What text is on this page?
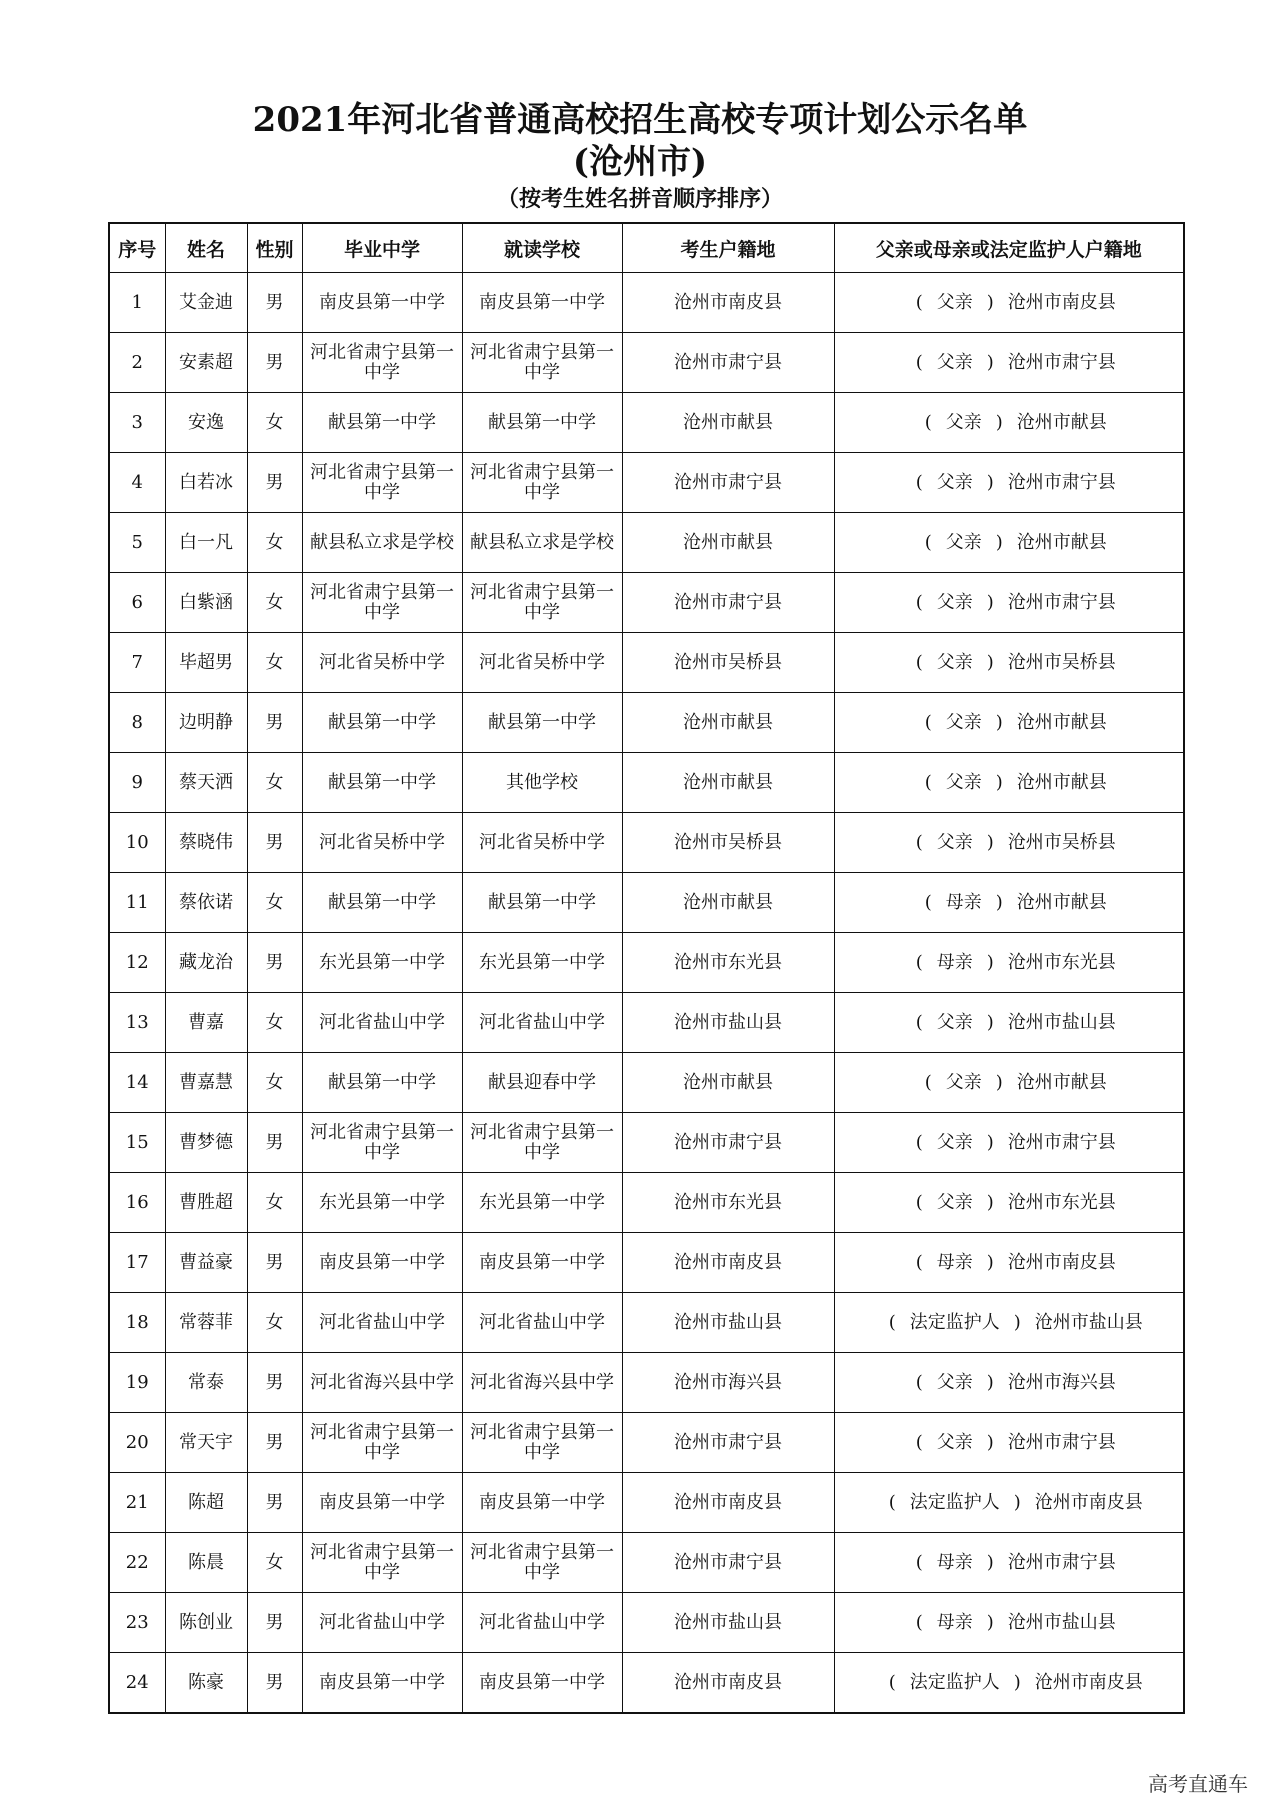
2021年河北省普通高校招生高校专项计划公示名单
(沧州市)
（按考生姓名拼音顺序排序）
序号	姓名	性别	毕业中学	就读学校	考生户籍地	父亲或母亲或法定监护人户籍地
1	艾金迪	男	南皮县第一中学	南皮县第一中学	沧州市南皮县	( 父亲 ) 沧州市南皮县
2	安素超	男	河北省肃宁县第一中学	河北省肃宁县第一中学	沧州市肃宁县	( 父亲 ) 沧州市肃宁县
3	安逸	女	献县第一中学	献县第一中学	沧州市献县	( 父亲 ) 沧州市献县
4	白若冰	男	河北省肃宁县第一中学	河北省肃宁县第一中学	沧州市肃宁县	( 父亲 ) 沧州市肃宁县
5	白一凡	女	献县私立求是学校	献县私立求是学校	沧州市献县	( 父亲 ) 沧州市献县
6	白紫涵	女	河北省肃宁县第一中学	河北省肃宁县第一中学	沧州市肃宁县	( 父亲 ) 沧州市肃宁县
7	毕超男	女	河北省吴桥中学	河北省吴桥中学	沧州市吴桥县	( 父亲 ) 沧州市吴桥县
8	边明静	男	献县第一中学	献县第一中学	沧州市献县	( 父亲 ) 沧州市献县
9	蔡天洒	女	献县第一中学	其他学校	沧州市献县	( 父亲 ) 沧州市献县
10	蔡晓伟	男	河北省吴桥中学	河北省吴桥中学	沧州市吴桥县	( 父亲 ) 沧州市吴桥县
11	蔡依诺	女	献县第一中学	献县第一中学	沧州市献县	( 母亲 ) 沧州市献县
12	藏龙治	男	东光县第一中学	东光县第一中学	沧州市东光县	( 母亲 ) 沧州市东光县
13	曹嘉	女	河北省盐山中学	河北省盐山中学	沧州市盐山县	( 父亲 ) 沧州市盐山县
14	曹嘉慧	女	献县第一中学	献县迎春中学	沧州市献县	( 父亲 ) 沧州市献县
15	曹梦德	男	河北省肃宁县第一中学	河北省肃宁县第一中学	沧州市肃宁县	( 父亲 ) 沧州市肃宁县
16	曹胜超	女	东光县第一中学	东光县第一中学	沧州市东光县	( 父亲 ) 沧州市东光县
17	曹益豪	男	南皮县第一中学	南皮县第一中学	沧州市南皮县	( 母亲 ) 沧州市南皮县
18	常蓉菲	女	河北省盐山中学	河北省盐山中学	沧州市盐山县	( 法定监护人 ) 沧州市盐山县
19	常泰	男	河北省海兴县中学	河北省海兴县中学	沧州市海兴县	( 父亲 ) 沧州市海兴县
20	常天宇	男	河北省肃宁县第一中学	河北省肃宁县第一中学	沧州市肃宁县	( 父亲 ) 沧州市肃宁县
21	陈超	男	南皮县第一中学	南皮县第一中学	沧州市南皮县	( 法定监护人 ) 沧州市南皮县
22	陈晨	女	河北省肃宁县第一中学	河北省肃宁县第一中学	沧州市肃宁县	( 母亲 ) 沧州市肃宁县
23	陈创业	男	河北省盐山中学	河北省盐山中学	沧州市盐山县	( 母亲 ) 沧州市盐山县
24	陈豪	男	南皮县第一中学	南皮县第一中学	沧州市南皮县	( 法定监护人 ) 沧州市南皮县
高考直通车
